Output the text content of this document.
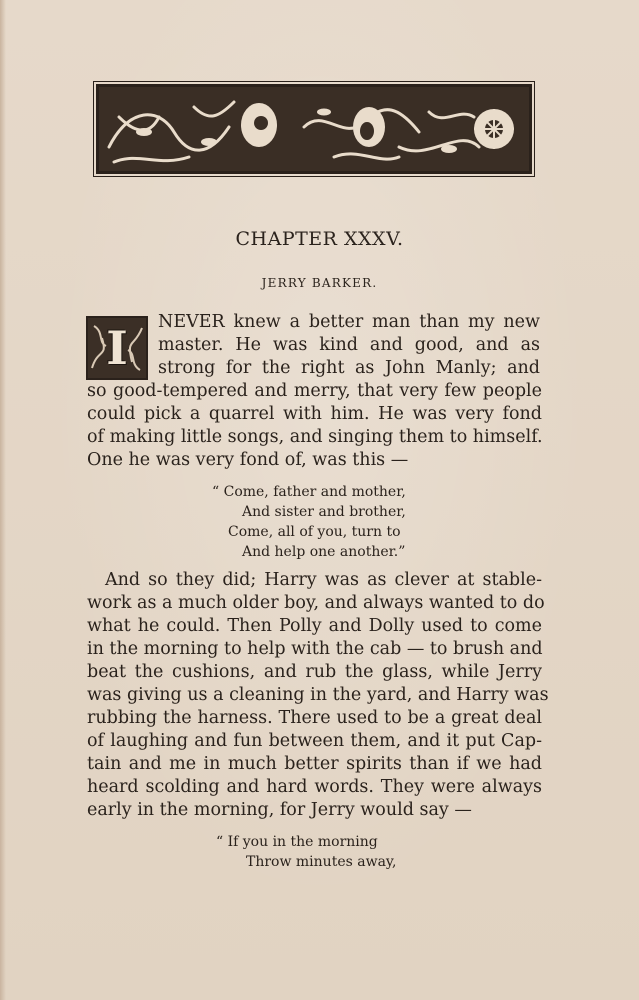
CHAPTER XXXV.
JERRY BARKER.
I	NEVER knew a better man than my new
master. He was kind and good, and as
strong for the right as John Manly; and
so good-tempered and merry, that very few people
could pick a quarrel with him. He was very fond
of making little songs, and singing them to himself.
One he was very fond of, was this —
“ Come, father and mother,
And sister and brother,
Come, all of you, turn to
And help one another.”
And so they did; Harry was as clever at stable-
work as a much older boy, and always wanted to do
what he could. Then Polly and Dolly used to come
in the morning to help with the cab — to brush and
beat the cushions, and rub the glass, while Jerry
was giving us a cleaning in the yard, and Harry was
rubbing the harness. There used to be a great deal
of laughing and fun between them, and it put Cap-
tain and me in much better spirits than if we had
heard scolding and hard words. They were always
early in the morning, for Jerry would say —
“ If you in the morning
Throw minutes away,
